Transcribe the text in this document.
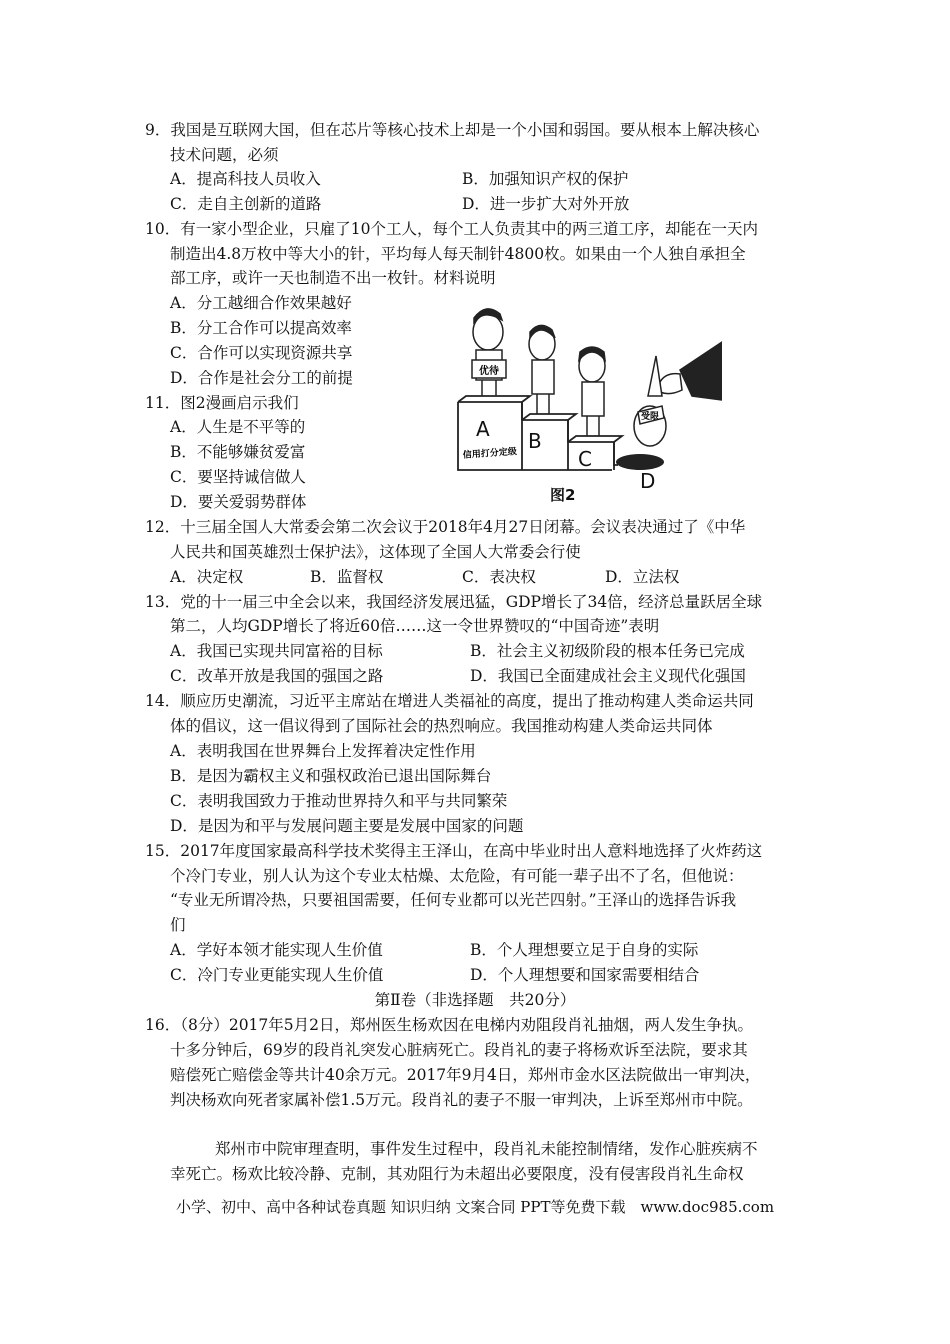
9．我国是互联网大国，但在芯片等核心技术上却是一个小国和弱国。要从根本上解决核心
技术问题，必须
A．提高科技人员收入	B．加强知识产权的保护
C．走自主创新的道路	D．进一步扩大对外开放
10．有一家小型企业，只雇了10个工人，每个工人负责其中的两三道工序，却能在一天内
制造出4.8万枚中等大小的针，平均每人每天制针4800枚。如果由一个人独自承担全
部工序，或许一天也制造不出一枚针。材料说明
A．分工越细合作效果越好
B．分工合作可以提高效率
C．合作可以实现资源共享
D．合作是社会分工的前提
11．图2漫画启示我们
A．人生是不平等的
B．不能够嫌贫爱富
C．要坚持诚信做人
D．要关爱弱势群体
优待
受限
A B
C
D
信用打分定级
图2
12．十三届全国人大常委会第二次会议于2018年4月27日闭幕。会议表决通过了《中华
人民共和国英雄烈士保护法》，这体现了全国人大常委会行使
A．决定权	B．监督权	C．表决权	D．立法权
13．党的十一届三中全会以来，我国经济发展迅猛，GDP增长了34倍，经济总量跃居全球
第二，人均GDP增长了将近60倍……这一令世界赞叹的“中国奇迹”表明
A．我国已实现共同富裕的目标	B．社会主义初级阶段的根本任务已完成
C．改革开放是我国的强国之路	D．我国已全面建成社会主义现代化强国
14．顺应历史潮流，习近平主席站在增进人类福祉的高度，提出了推动构建人类命运共同
体的倡议，这一倡议得到了国际社会的热烈响应。我国推动构建人类命运共同体
A．表明我国在世界舞台上发挥着决定性作用
B．是因为霸权主义和强权政治已退出国际舞台
C．表明我国致力于推动世界持久和平与共同繁荣
D．是因为和平与发展问题主要是发展中国家的问题
15．2017年度国家最高科学技术奖得主王泽山，在高中毕业时出人意料地选择了火炸药这
个冷门专业，别人认为这个专业太枯燥、太危险，有可能一辈子出不了名，但他说：
“专业无所谓冷热，只要祖国需要，任何专业都可以光芒四射。”王泽山的选择告诉我
们
A．学好本领才能实现人生价值	B．个人理想要立足于自身的实际
C．冷门专业更能实现人生价值	D．个人理想要和国家需要相结合
第Ⅱ卷（非选择题　共20分）
16．（8分）2017年5月2日，郑州医生杨欢因在电梯内劝阻段肖礼抽烟，两人发生争执。
十多分钟后，69岁的段肖礼突发心脏病死亡。段肖礼的妻子将杨欢诉至法院，要求其
赔偿死亡赔偿金等共计40余万元。2017年9月4日，郑州市金水区法院做出一审判决，
判决杨欢向死者家属补偿1.5万元。段肖礼的妻子不服一审判决，上诉至郑州市中院。
郑州市中院审理查明，事件发生过程中，段肖礼未能控制情绪，发作心脏疾病不
幸死亡。杨欢比较冷静、克制，其劝阻行为未超出必要限度，没有侵害段肖礼生命权
小学、初中、高中各种试卷真题 知识归纳 文案合同 PPT等免费下载　www.doc985.com
